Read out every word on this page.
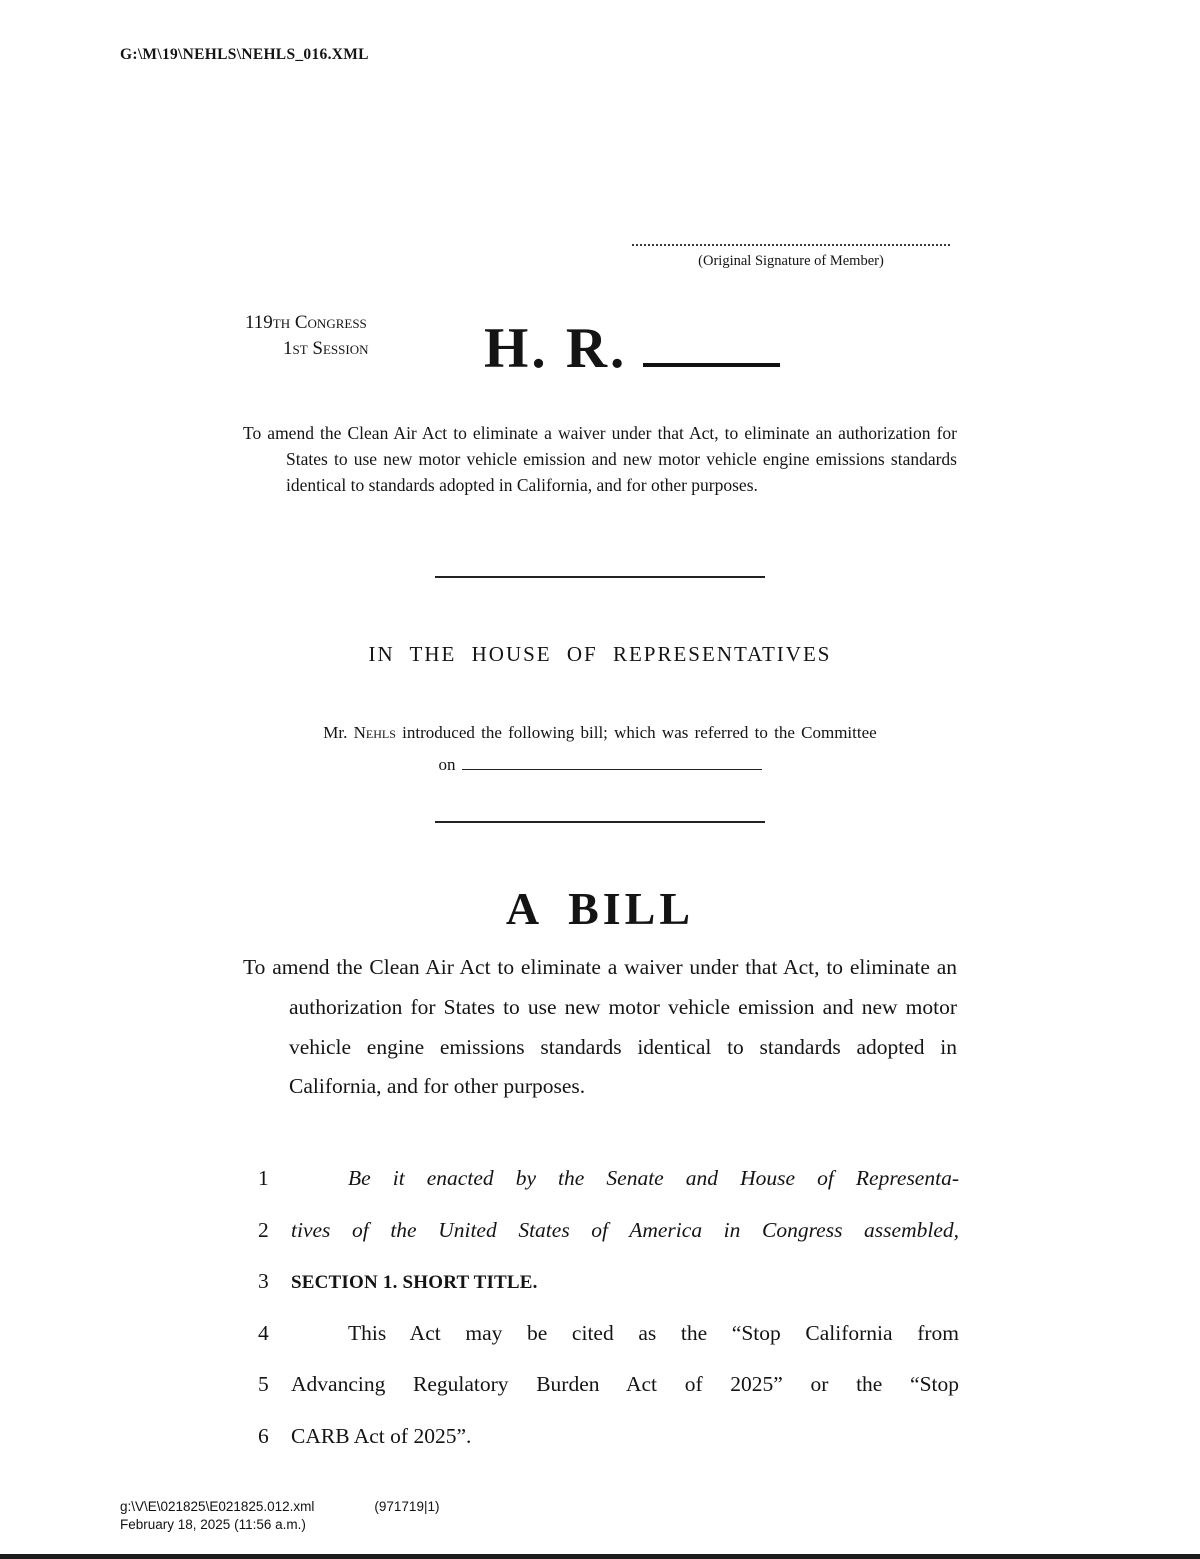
G:\M\19\NEHLS\NEHLS_016.XML
(Original Signature of Member)
119th Congress
1st Session H. R.
To amend the Clean Air Act to eliminate a waiver under that Act, to eliminate an authorization for States to use new motor vehicle emission and new motor vehicle engine emissions standards identical to standards adopted in California, and for other purposes.
IN THE HOUSE OF REPRESENTATIVES
Mr. Nehls introduced the following bill; which was referred to the Committee
on
A BILL
To amend the Clean Air Act to eliminate a waiver under that Act, to eliminate an authorization for States to use new motor vehicle emission and new motor vehicle engine emissions standards identical to standards adopted in California, and for other purposes.
1	Be it enacted by the Senate and House of Representa-
2	tives of the United States of America in Congress assembled,
3	SECTION 1. SHORT TITLE.
4	This Act may be cited as the “Stop California from
5	Advancing Regulatory Burden Act of 2025” or the “Stop
6	CARB Act of 2025”.
g:\V\E\021825\E021825.012.xml	(971719|1)
February 18, 2025 (11:56 a.m.)
